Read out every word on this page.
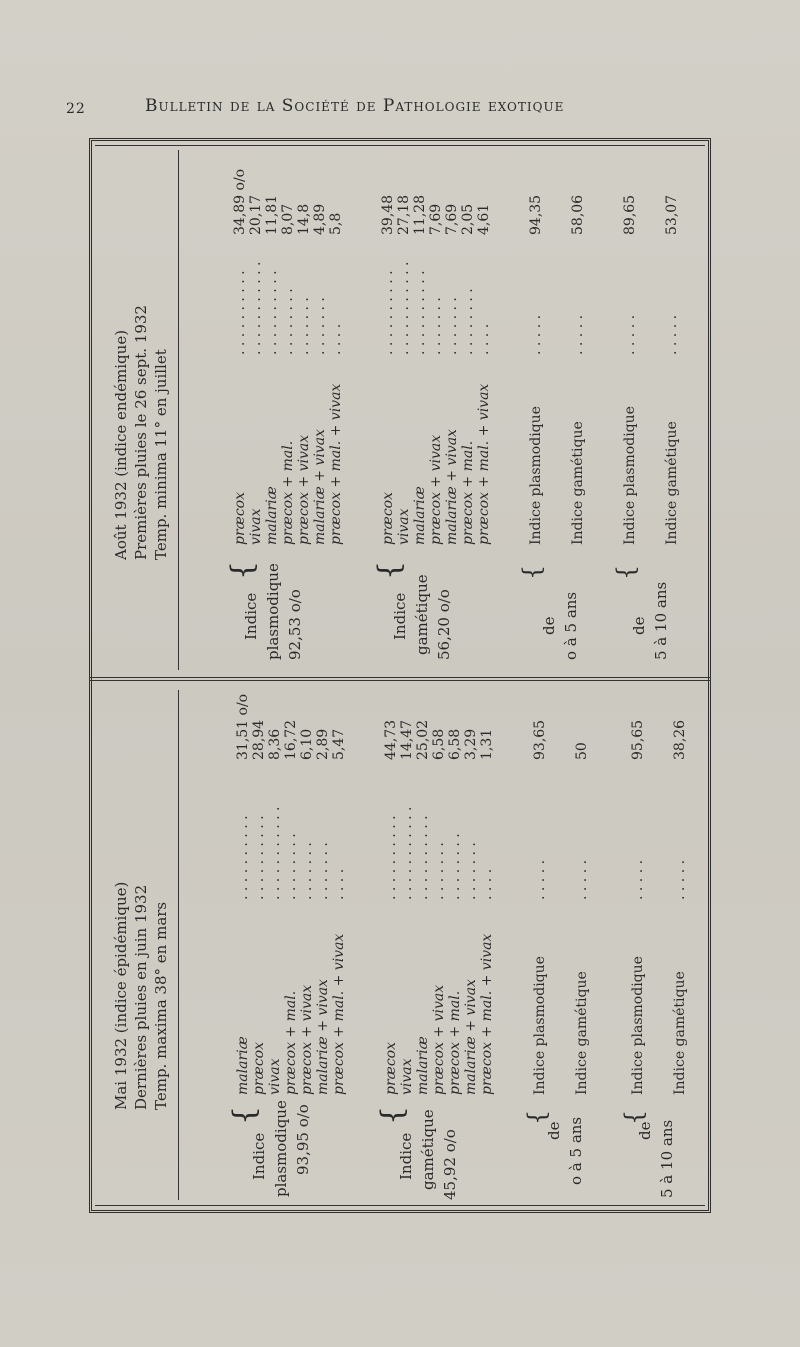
22	Bulletin de la Société de Pathologie exotique
Mai 1932 (indice épidémique) Dernières pluies en juin 1932 Temp. maxima 38° en mars
Indice plasmodique 93,95 o/o
{
malariæ
. . . . . . . . . .
31,51 o/o
præcox
. . . . . . . . . .
28,94
vivax
. . . . . . . . . . .
8,36
præcox + mal.
. . . . . . . .
16,72
præcox + vivax
. . . . . . .
6,10
malariæ + vivax
. . . . . . .
2,89
præcox + mal. + vivax
. . . .
5,47
Indice gamétique 45,92 o/o
{
præcox
. . . . . . . . . .
44,73
vivax
. . . . . . . . . . .
14,47
malariæ
. . . . . . . . . .
25,02
præcox + vivax
. . . . . . .
6,58
præcox + mal.
. . . . . . . .
6,58
malariæ + vivax
. . . . . . .
3,29
præcox + mal. + vivax
. . . .
1,31
de o à 5 ans
{
Indice plasmodique
. . . . .
93,65
Indice gamétique
. . . . .
50
de 5 à 10 ans
{
Indice plasmodique
. . . . .
95,65
Indice gamétique
. . . . .
38,26
Août 1932 (indice endémique) Premières pluies le 26 sept. 1932 Temp. minima 11° en juillet
Indice plasmodique 92,53 o/o
{
præcox
. . . . . . . . . .
34,89 o/o
vivax
. . . . . . . . . . .
20,17
malariæ
. . . . . . . . . .
11,81
præcox + mal.
. . . . . . . .
8,07
præcox + vivax
. . . . . . .
14,8
malariæ + vivax
. . . . . . .
4,89
præcox + mal. + vivax
. . . .
5,8
Indice gamétique 56,20 o/o
{
præcox
. . . . . . . . . .
39,48
vivax
. . . . . . . . . . .
27,18
malariæ
. . . . . . . . . .
11,28
præcox + vivax
. . . . . . .
7,69
malariæ + vivax
. . . . . . .
7,69
præcox + mal.
. . . . . . . .
2,05
præcox + mal. + vivax
. . . .
4,61
de o à 5 ans
{
Indice plasmodique
. . . . .
94,35
Indice gamétique
. . . . .
58,06
de 5 à 10 ans
{
Indice plasmodique
. . . . .
89,65
Indice gamétique
. . . . .
53,07
